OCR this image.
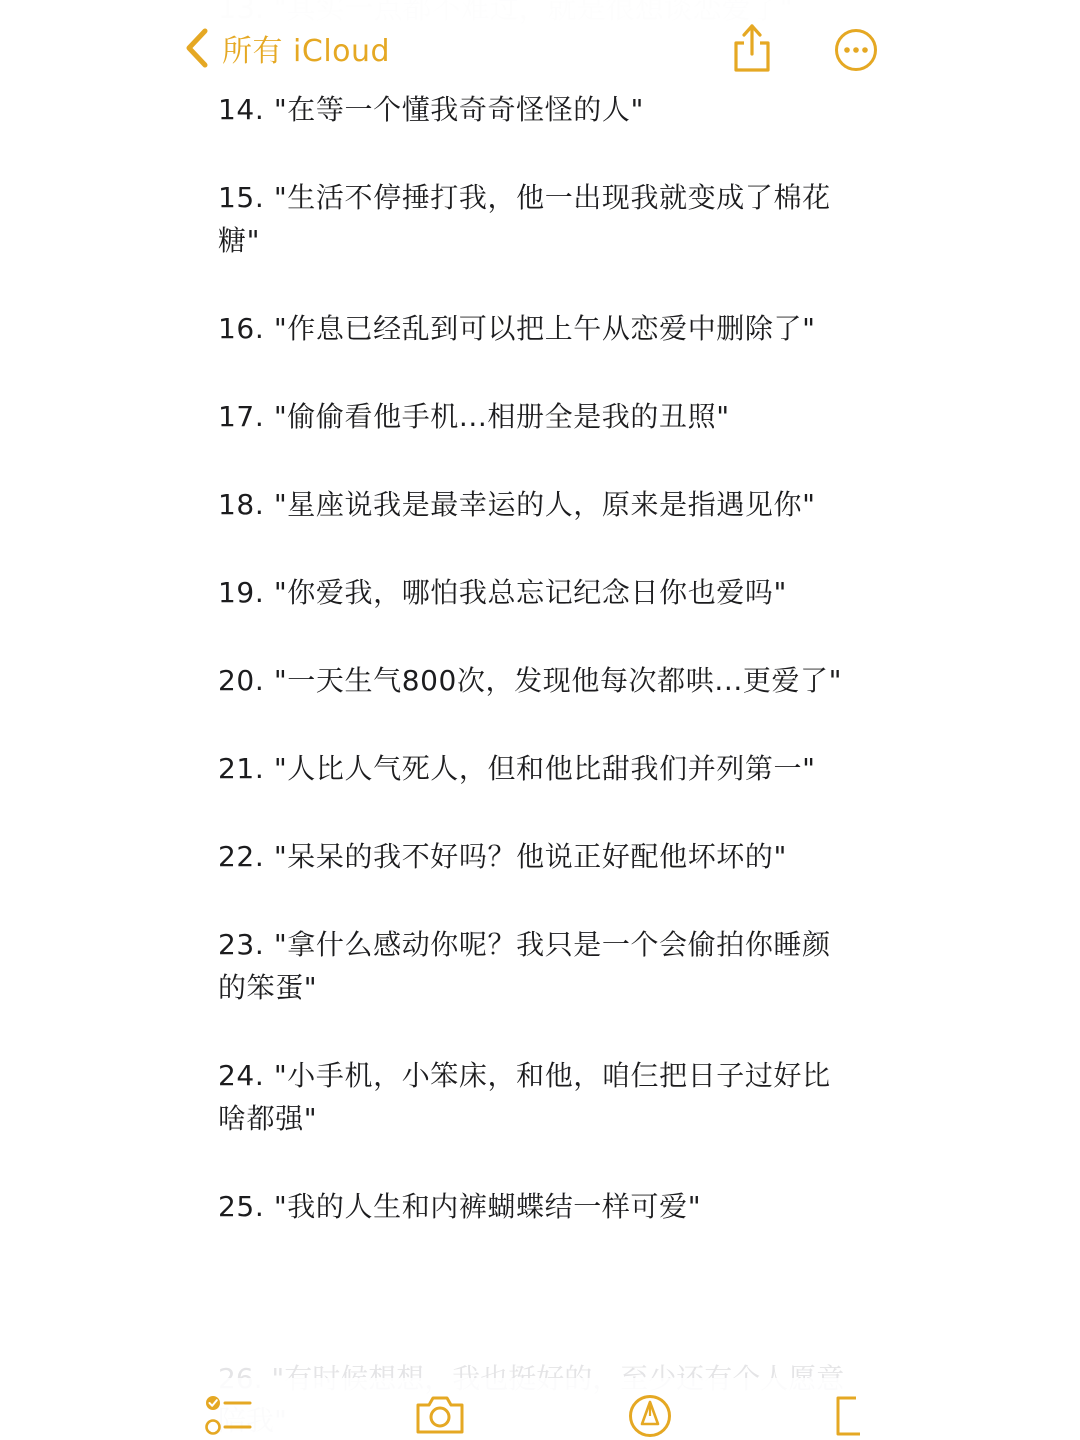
所有 iCloud

14. "在等一个懂我奇奇怪怪的人"

15. "生活不停捶打我，他一出现我就变成了棉花糖"

16. "作息已经乱到可以把上午从恋爱中删除了"

17. "偷偷看他手机...相册全是我的丑照"

18. "星座说我是最幸运的人，原来是指遇见你"

19. "你爱我，哪怕我总忘记纪念日你也爱吗"

20. "一天生气800次，发现他每次都哄...更爱了"

21. "人比人气死人，但和他比甜我们并列第一"

22. "呆呆的我不好吗？他说正好配他坏坏的"

23. "拿什么感动你呢？我只是一个会偷拍你睡颜的笨蛋"

24. "小手机，小笨床，和他，咱仨把日子过好比啥都强"

25. "我的人生和内裤蝴蝶结一样可爱"
